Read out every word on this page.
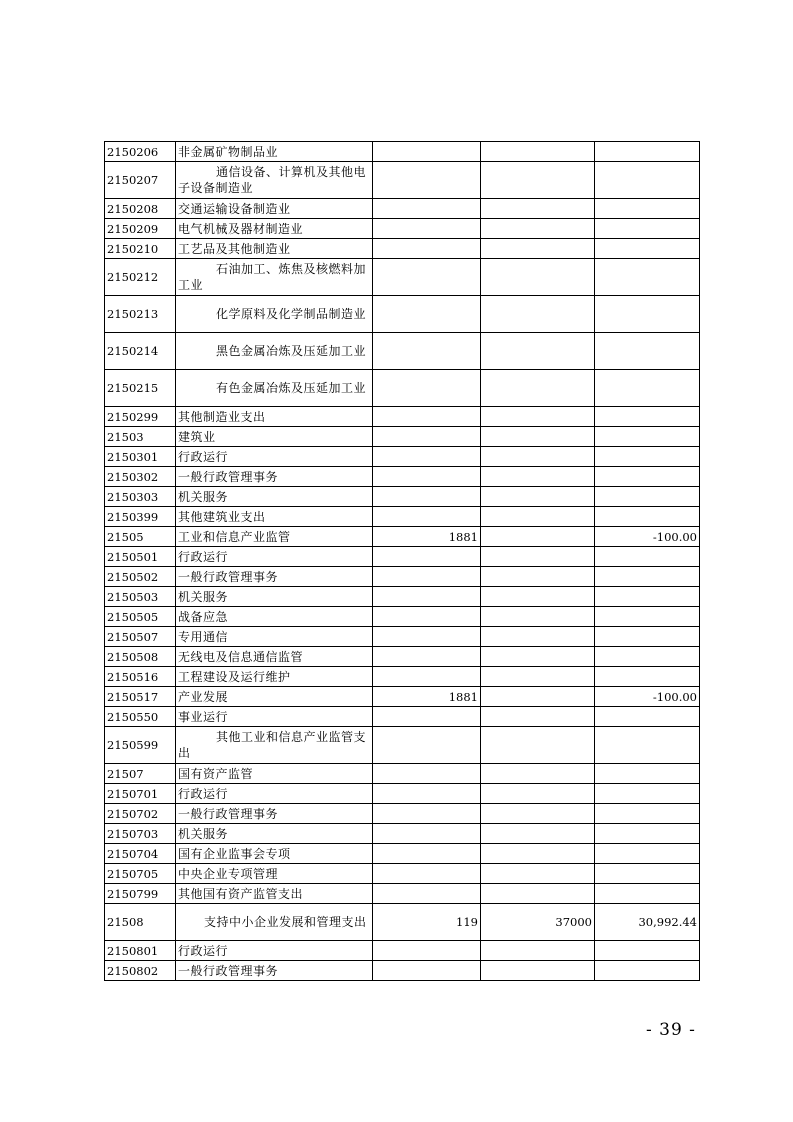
2150206	非金属矿物制品业			
2150207	通信设备、计算机及其他电子设备制造业			
2150208	交通运输设备制造业			
2150209	电气机械及器材制造业			
2150210	工艺品及其他制造业			
2150212	石油加工、炼焦及核燃料加工业			
2150213	化学原料及化学制品制造业			
2150214	黑色金属冶炼及压延加工业			
2150215	有色金属冶炼及压延加工业			
2150299	其他制造业支出			
21503	建筑业			
2150301	行政运行			
2150302	一般行政管理事务			
2150303	机关服务			
2150399	其他建筑业支出			
21505	工业和信息产业监管	1881		-100.00
2150501	行政运行			
2150502	一般行政管理事务			
2150503	机关服务			
2150505	战备应急			
2150507	专用通信			
2150508	无线电及信息通信监管			
2150516	工程建设及运行维护			
2150517	产业发展	1881		-100.00
2150550	事业运行			
2150599	其他工业和信息产业监管支出			
21507	国有资产监管			
2150701	行政运行			
2150702	一般行政管理事务			
2150703	机关服务			
2150704	国有企业监事会专项			
2150705	中央企业专项管理			
2150799	其他国有资产监管支出			
21508	支持中小企业发展和管理支出	119	37000	30,992.44
2150801	行政运行			
2150802	一般行政管理事务			
- 39 -
